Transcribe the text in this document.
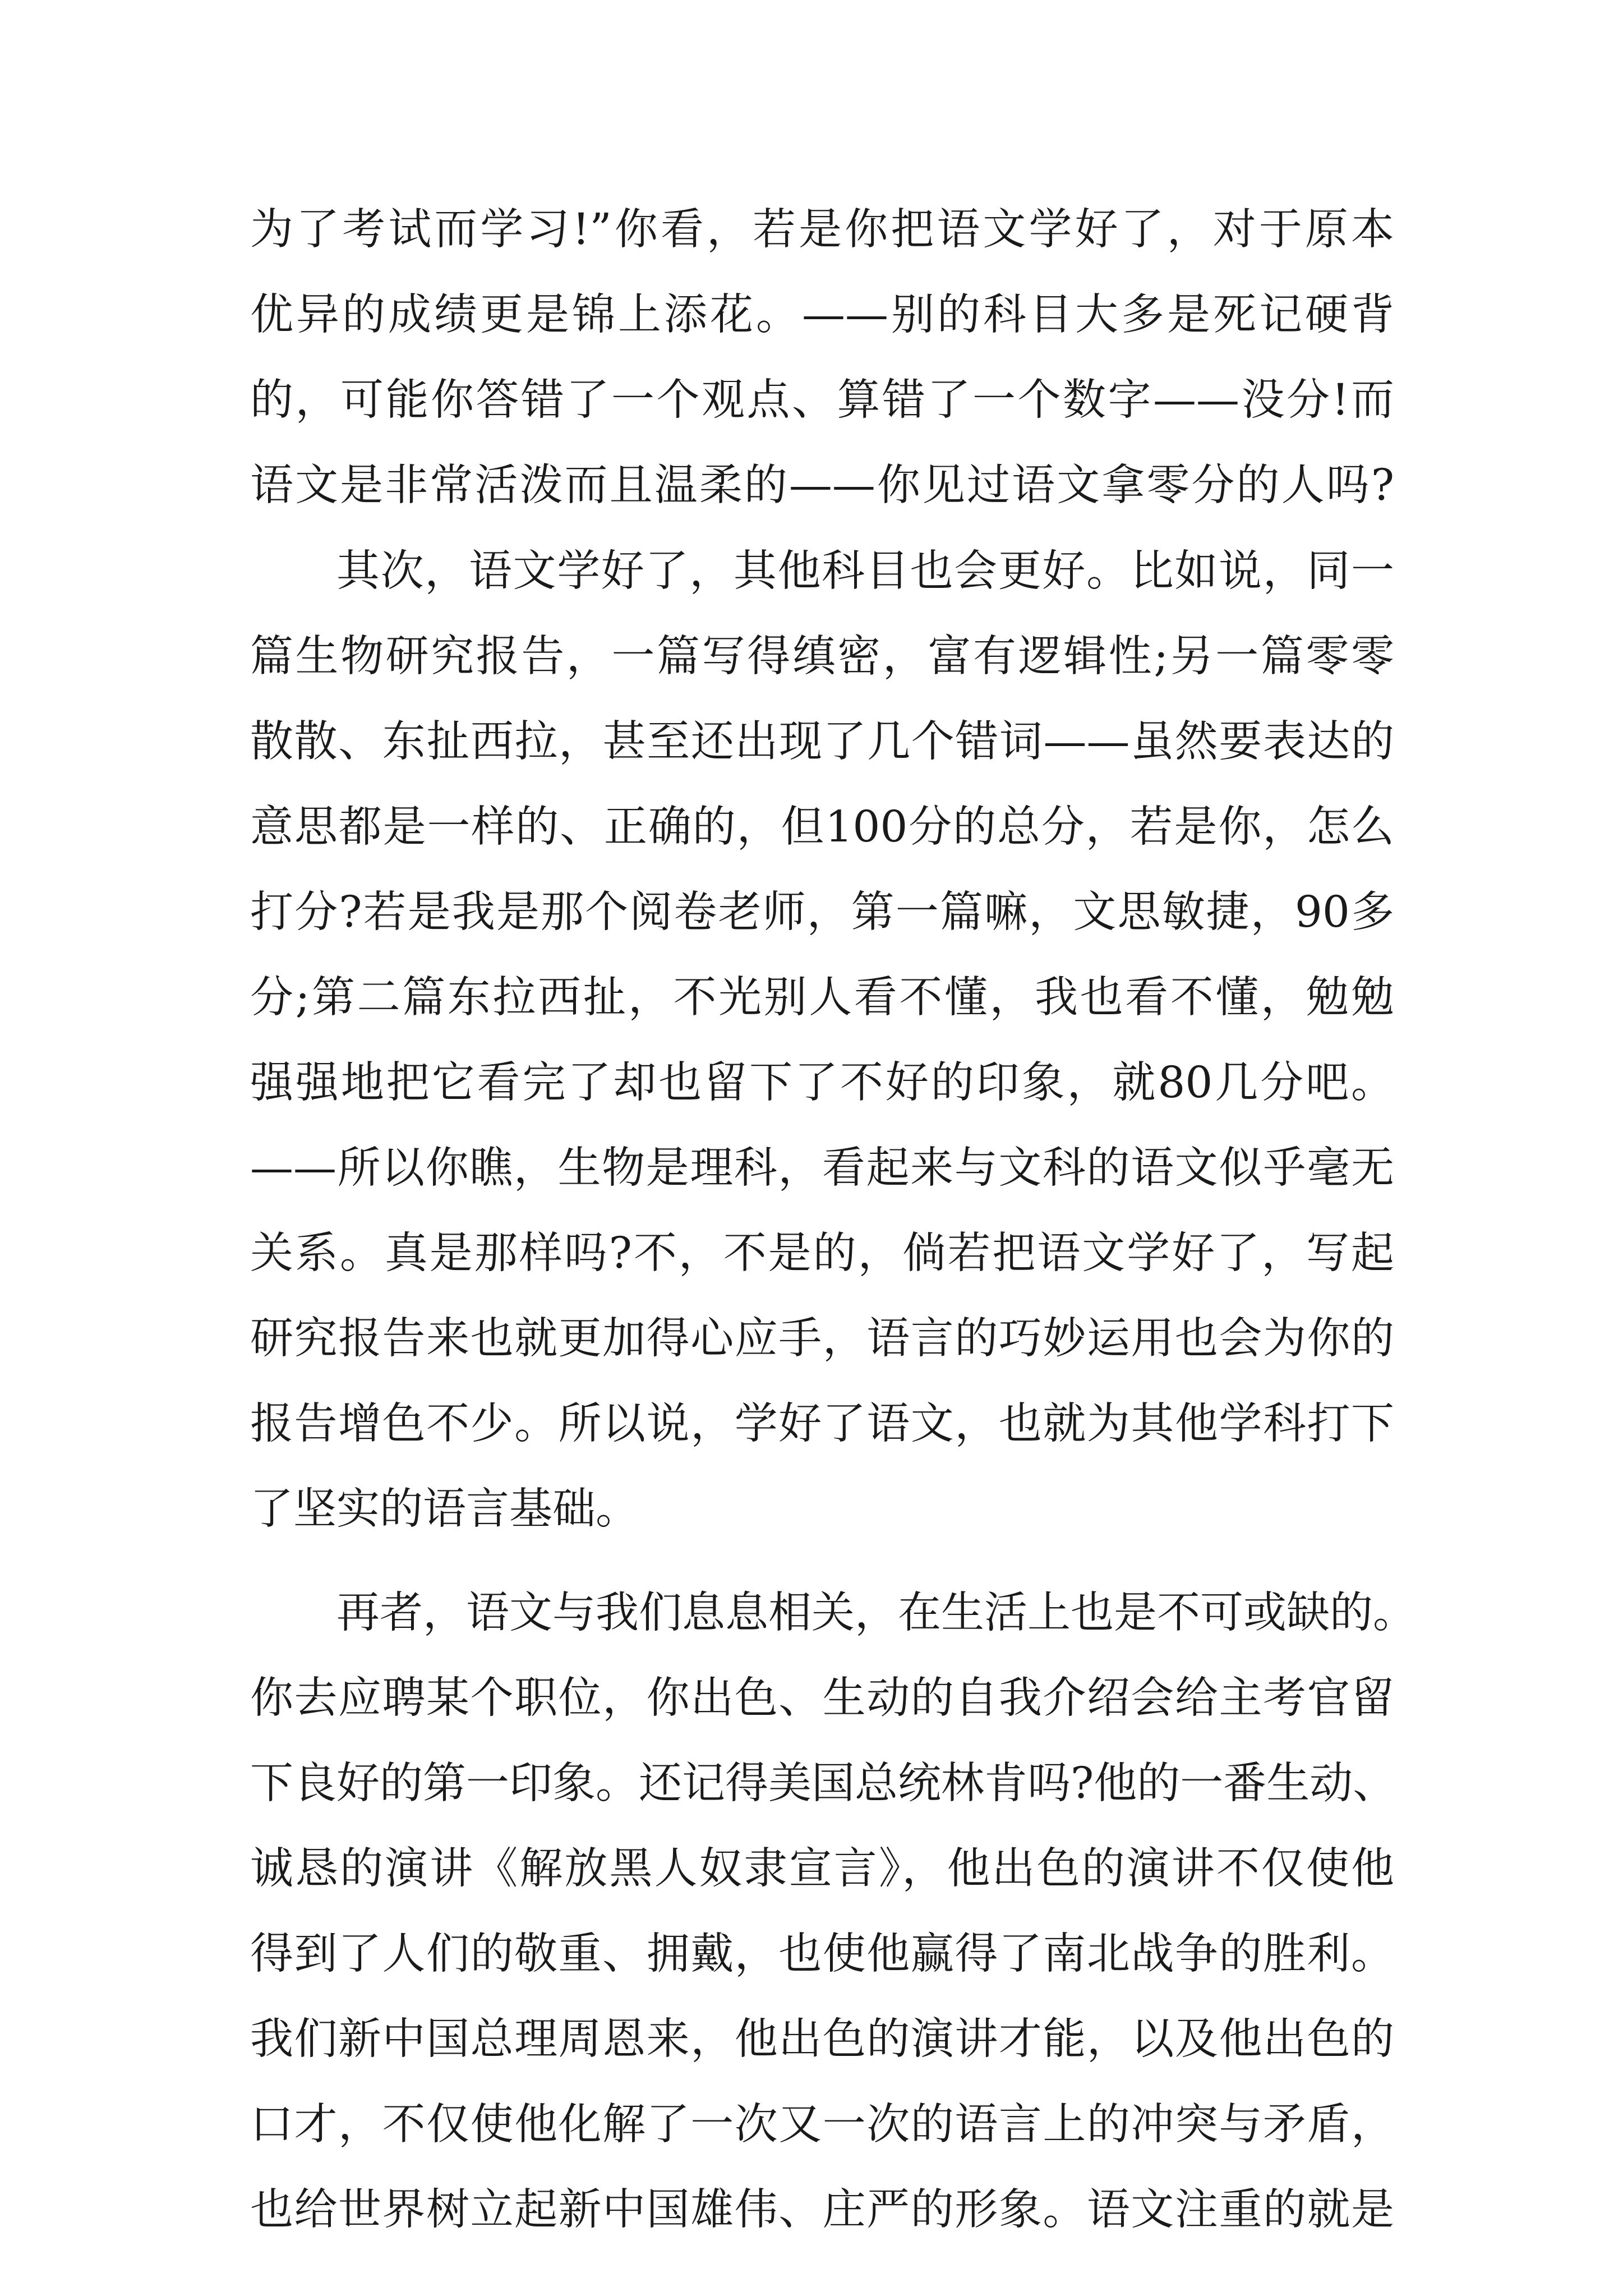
为了考试而学习!”你看，若是你把语文学好了，对于原本

优异的成绩更是锦上添花。——别的科目大多是死记硬背

的，可能你答错了一个观点、算错了一个数字——没分!而

语文是非常活泼而且温柔的——你见过语文拿零分的人吗?

其次，语文学好了，其他科目也会更好。比如说，同一

篇生物研究报告，一篇写得缜密，富有逻辑性;另一篇零零

散散、东扯西拉，甚至还出现了几个错词——虽然要表达的

意思都是一样的、正确的，但100分的总分，若是你，怎么

打分?若是我是那个阅卷老师，第一篇嘛，文思敏捷，90多

分;第二篇东拉西扯，不光别人看不懂，我也看不懂，勉勉

强强地把它看完了却也留下了不好的印象，就80几分吧。

——所以你瞧，生物是理科，看起来与文科的语文似乎毫无

关系。真是那样吗?不，不是的，倘若把语文学好了，写起

研究报告来也就更加得心应手，语言的巧妙运用也会为你的

报告增色不少。所以说，学好了语文，也就为其他学科打下

了坚实的语言基础。

再者，语文与我们息息相关，在生活上也是不可或缺的。

你去应聘某个职位，你出色、生动的自我介绍会给主考官留

下良好的第一印象。还记得美国总统林肯吗?他的一番生动、

诚恳的演讲《解放黑人奴隶宣言》，他出色的演讲不仅使他

得到了人们的敬重、拥戴，也使他赢得了南北战争的胜利。

我们新中国总理周恩来，他出色的演讲才能，以及他出色的

口才，不仅使他化解了一次又一次的语言上的冲突与矛盾，

也给世界树立起新中国雄伟、庄严的形象。语文注重的就是
